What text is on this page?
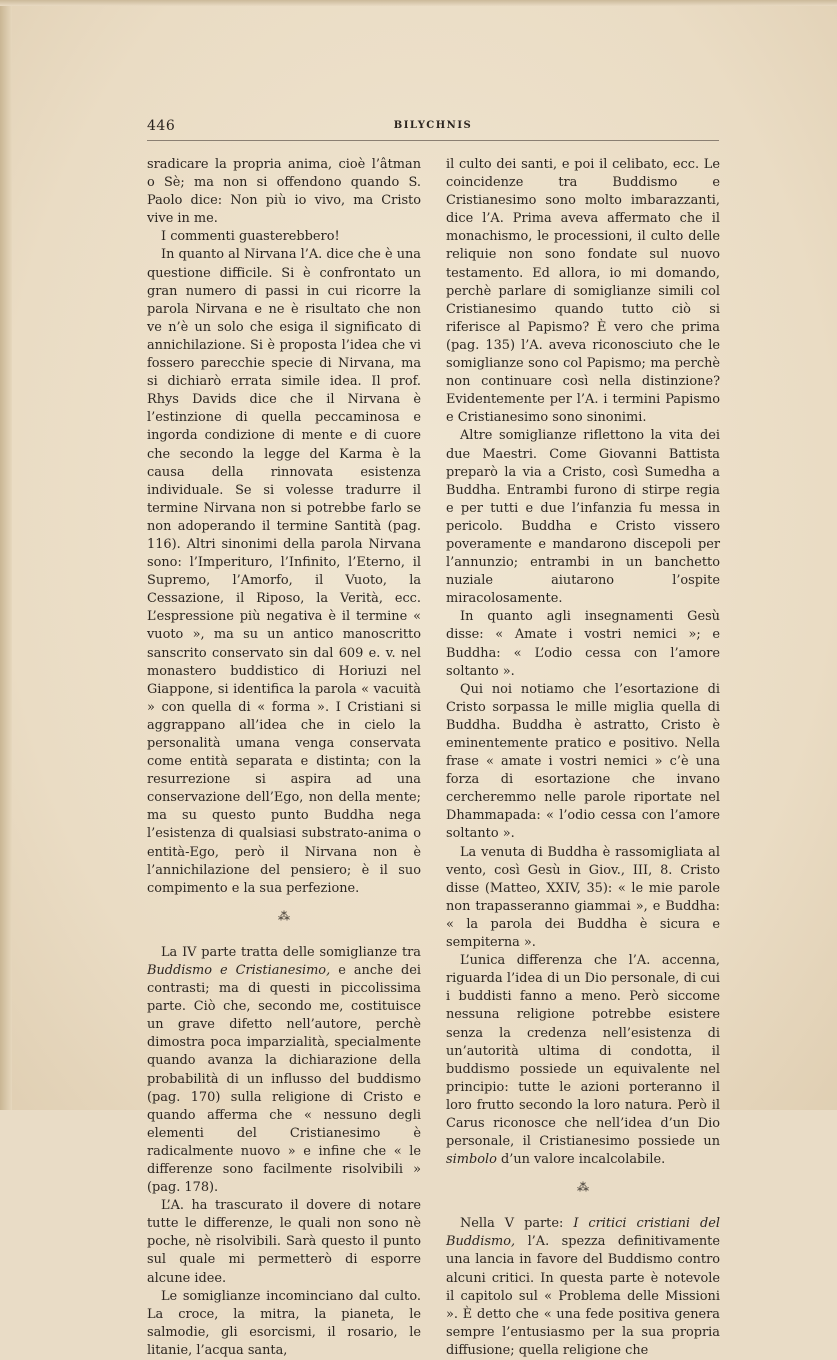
446	BILYCHNIS

sradicare la propria anima, cioè l’âtman o Sè; ma non si offendono quando S. Paolo dice: Non più io vivo, ma Cristo vive in me.

I commenti guasterebbero!

In quanto al Nirvana l’A. dice che è una questione difficile. Si è confrontato un gran numero di passi in cui ricorre la parola Nirvana e ne è risultato che non ve n’è un solo che esiga il significato di annichilazione. Si è proposta l’idea che vi fossero parecchie specie di Nirvana, ma si dichiarò errata simile idea. Il prof. Rhys Davids dice che il Nirvana è l’estinzione di quella peccaminosa e ingorda condizione di mente e di cuore che secondo la legge del Karma è la causa della rinnovata esistenza individuale. Se si volesse tradurre il termine Nirvana non si potrebbe farlo se non adoperando il termine Santità (pag. 116). Altri sinonimi della parola Nirvana sono: l’Imperituro, l’Infinito, l’Eterno, il Supremo, l’Amorfo, il Vuoto, la Cessazione, il Riposo, la Verità, ecc. L’espressione più negativa è il termine « vuoto », ma su un antico manoscritto sanscrito conservato sin dal 609 e. v. nel monastero buddistico di Horiuzi nel Giappone, si identifica la parola « vacuità » con quella di « forma ». I Cristiani si aggrappano all’idea che in cielo la personalità umana venga conservata come entità separata e distinta; con la resurrezione si aspira ad una conservazione dell’Ego, non della mente; ma su questo punto Buddha nega l’esistenza di qualsiasi substrato-anima o entità-Ego, però il Nirvana non è l’annichilazione del pensiero; è il suo compimento e la sua perfezione.

⁂

La IV parte tratta delle somiglianze tra Buddismo e Cristianesimo, e anche dei contrasti; ma di questi in piccolissima parte. Ciò che, secondo me, costituisce un grave difetto nell’autore, perchè dimostra poca imparzialità, specialmente quando avanza la dichiarazione della probabilità di un influsso del buddismo (pag. 170) sulla religione di Cristo e quando afferma che « nessuno degli elementi del Cristianesimo è radicalmente nuovo » e infine che « le differenze sono facilmente risolvibili » (pag. 178).

L’A. ha trascurato il dovere di notare tutte le differenze, le quali non sono nè poche, nè risolvibili. Sarà questo il punto sul quale mi permetterò di esporre alcune idee.

Le somiglianze incominciano dal culto. La croce, la mitra, la pianeta, le salmodie, gli esorcismi, il rosario, le litanie, l’acqua santa,

il culto dei santi, e poi il celibato, ecc. Le coincidenze tra Buddismo e Cristianesimo sono molto imbarazzanti, dice l’A. Prima aveva affermato che il monachismo, le processioni, il culto delle reliquie non sono fondate sul nuovo testamento. Ed allora, io mi domando, perchè parlare di somiglianze simili col Cristianesimo quando tutto ciò si riferisce al Papismo? È vero che prima (pag. 135) l’A. aveva riconosciuto che le somiglianze sono col Papismo; ma perchè non continuare così nella distinzione? Evidentemente per l’A. i termini Papismo e Cristianesimo sono sinonimi.

Altre somiglianze riflettono la vita dei due Maestri. Come Giovanni Battista preparò la via a Cristo, così Sumedha a Buddha. Entrambi furono di stirpe regia e per tutti e due l’infanzia fu messa in pericolo. Buddha e Cristo vissero poveramente e mandarono discepoli per l’annunzio; entrambi in un banchetto nuziale aiutarono l’ospite miracolosamente.

In quanto agli insegnamenti Gesù disse: « Amate i vostri nemici »; e Buddha: « L’odio cessa con l’amore soltanto ».

Qui noi notiamo che l’esortazione di Cristo sorpassa le mille miglia quella di Buddha. Buddha è astratto, Cristo è eminentemente pratico e positivo. Nella frase « amate i vostri nemici » c’è una forza di esortazione che invano cercheremmo nelle parole riportate nel Dhammapada: « l’odio cessa con l’amore soltanto ».

La venuta di Buddha è rassomigliata al vento, così Gesù in Giov., III, 8. Cristo disse (Matteo, XXIV, 35): « le mie parole non trapasseranno giammai », e Buddha: « la parola dei Buddha è sicura e sempiterna ».

L’unica differenza che l’A. accenna, riguarda l’idea di un Dio personale, di cui i buddisti fanno a meno. Però siccome nessuna religione potrebbe esistere senza la credenza nell’esistenza di un’autorità ultima di condotta, il buddismo possiede un equivalente nel principio: tutte le azioni porteranno il loro frutto secondo la loro natura. Però il Carus riconosce che nell’idea d’un Dio personale, il Cristianesimo possiede un simbolo d’un valore incalcolabile.

⁂

Nella V parte: I critici cristiani del Buddismo, l’A. spezza definitivamente una lancia in favore del Buddismo contro alcuni critici. In questa parte è notevole il capitolo sul « Problema delle Missioni ». È detto che « una fede positiva genera sempre l’entusiasmo per la sua propria diffusione; quella religione che
